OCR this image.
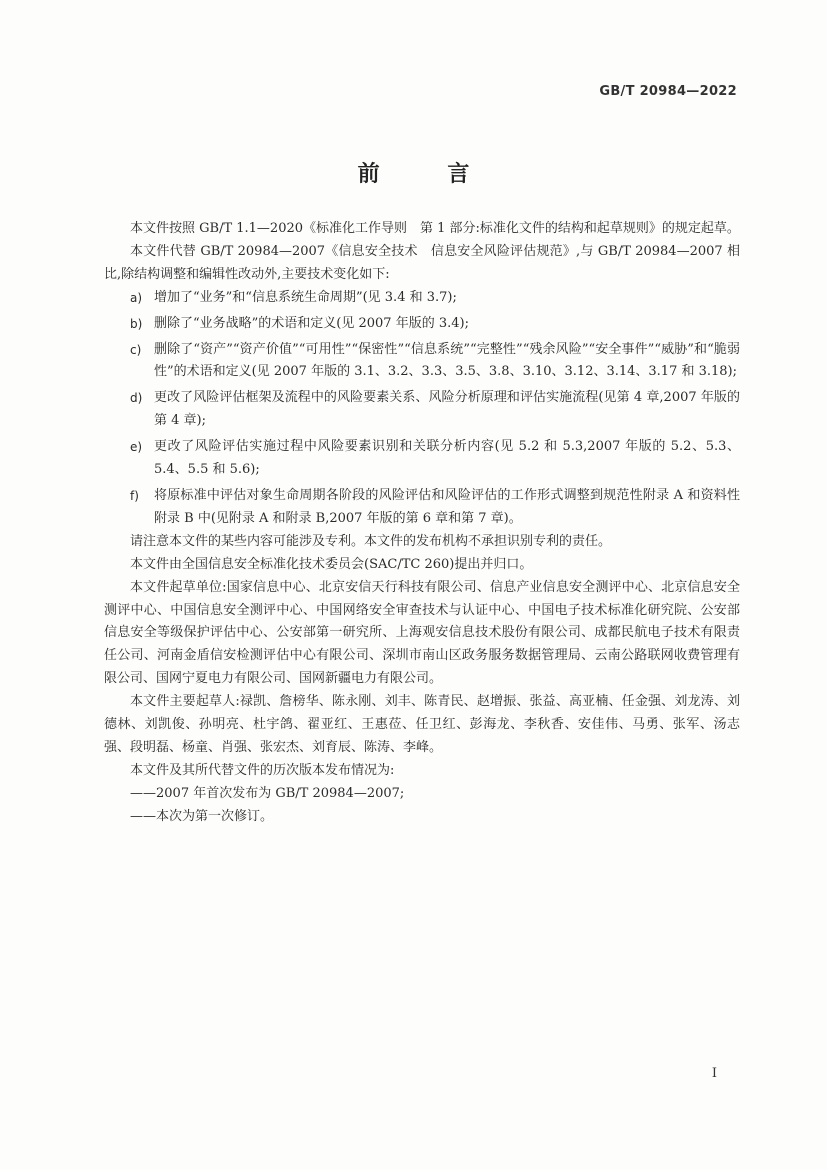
GB/T 20984—2022
前 言

本文件按照 GB/T 1.1—2020《标准化工作导则　第 1 部分:标准化文件的结构和起草规则》的规定起草。

本文件代替 GB/T 20984—2007《信息安全技术　信息安全风险评估规范》,与 GB/T 20984—2007 相比,除结构调整和编辑性改动外,主要技术变化如下:

a) 增加了“业务”和“信息系统生命周期”(见 3.4 和 3.7);
b) 删除了“业务战略”的术语和定义(见 2007 年版的 3.4);
c) 删除了“资产”“资产价值”“可用性”“保密性”“信息系统”“完整性”“残余风险”“安全事件”“威胁”和“脆弱性”的术语和定义(见 2007 年版的 3.1、3.2、3.3、3.5、3.8、3.10、3.12、3.14、3.17 和 3.18);
d) 更改了风险评估框架及流程中的风险要素关系、风险分析原理和评估实施流程(见第 4 章,2007 年版的第 4 章);
e) 更改了风险评估实施过程中风险要素识别和关联分析内容(见 5.2 和 5.3,2007 年版的 5.2、5.3、5.4、5.5 和 5.6);
f)	将原标准中评估对象生命周期各阶段的风险评估和风险评估的工作形式调整到规范性附录 A 和资料性附录 B 中(见附录 A 和附录 B,2007 年版的第 6 章和第 7 章)。

请注意本文件的某些内容可能涉及专利。本文件的发布机构不承担识别专利的责任。

本文件由全国信息安全标准化技术委员会(SAC/TC 260)提出并归口。

本文件起草单位:国家信息中心、北京安信天行科技有限公司、信息产业信息安全测评中心、北京信息安全测评中心、中国信息安全测评中心、中国网络安全审查技术与认证中心、中国电子技术标准化研究院、公安部信息安全等级保护评估中心、公安部第一研究所、上海观安信息技术股份有限公司、成都民航电子技术有限责任公司、河南金盾信安检测评估中心有限公司、深圳市南山区政务服务数据管理局、云南公路联网收费管理有限公司、国网宁夏电力有限公司、国网新疆电力有限公司。

本文件主要起草人:禄凯、詹榜华、陈永刚、刘丰、陈青民、赵增振、张益、高亚楠、任金强、刘龙涛、刘德林、刘凯俊、孙明亮、杜宇鸽、翟亚红、王惠莅、任卫红、彭海龙、李秋香、安佳伟、马勇、张军、汤志强、段明磊、杨童、肖强、张宏杰、刘育辰、陈涛、李峰。

本文件及其所代替文件的历次版本发布情况为:

——2007 年首次发布为 GB/T 20984—2007;

——本次为第一次修订。

I
